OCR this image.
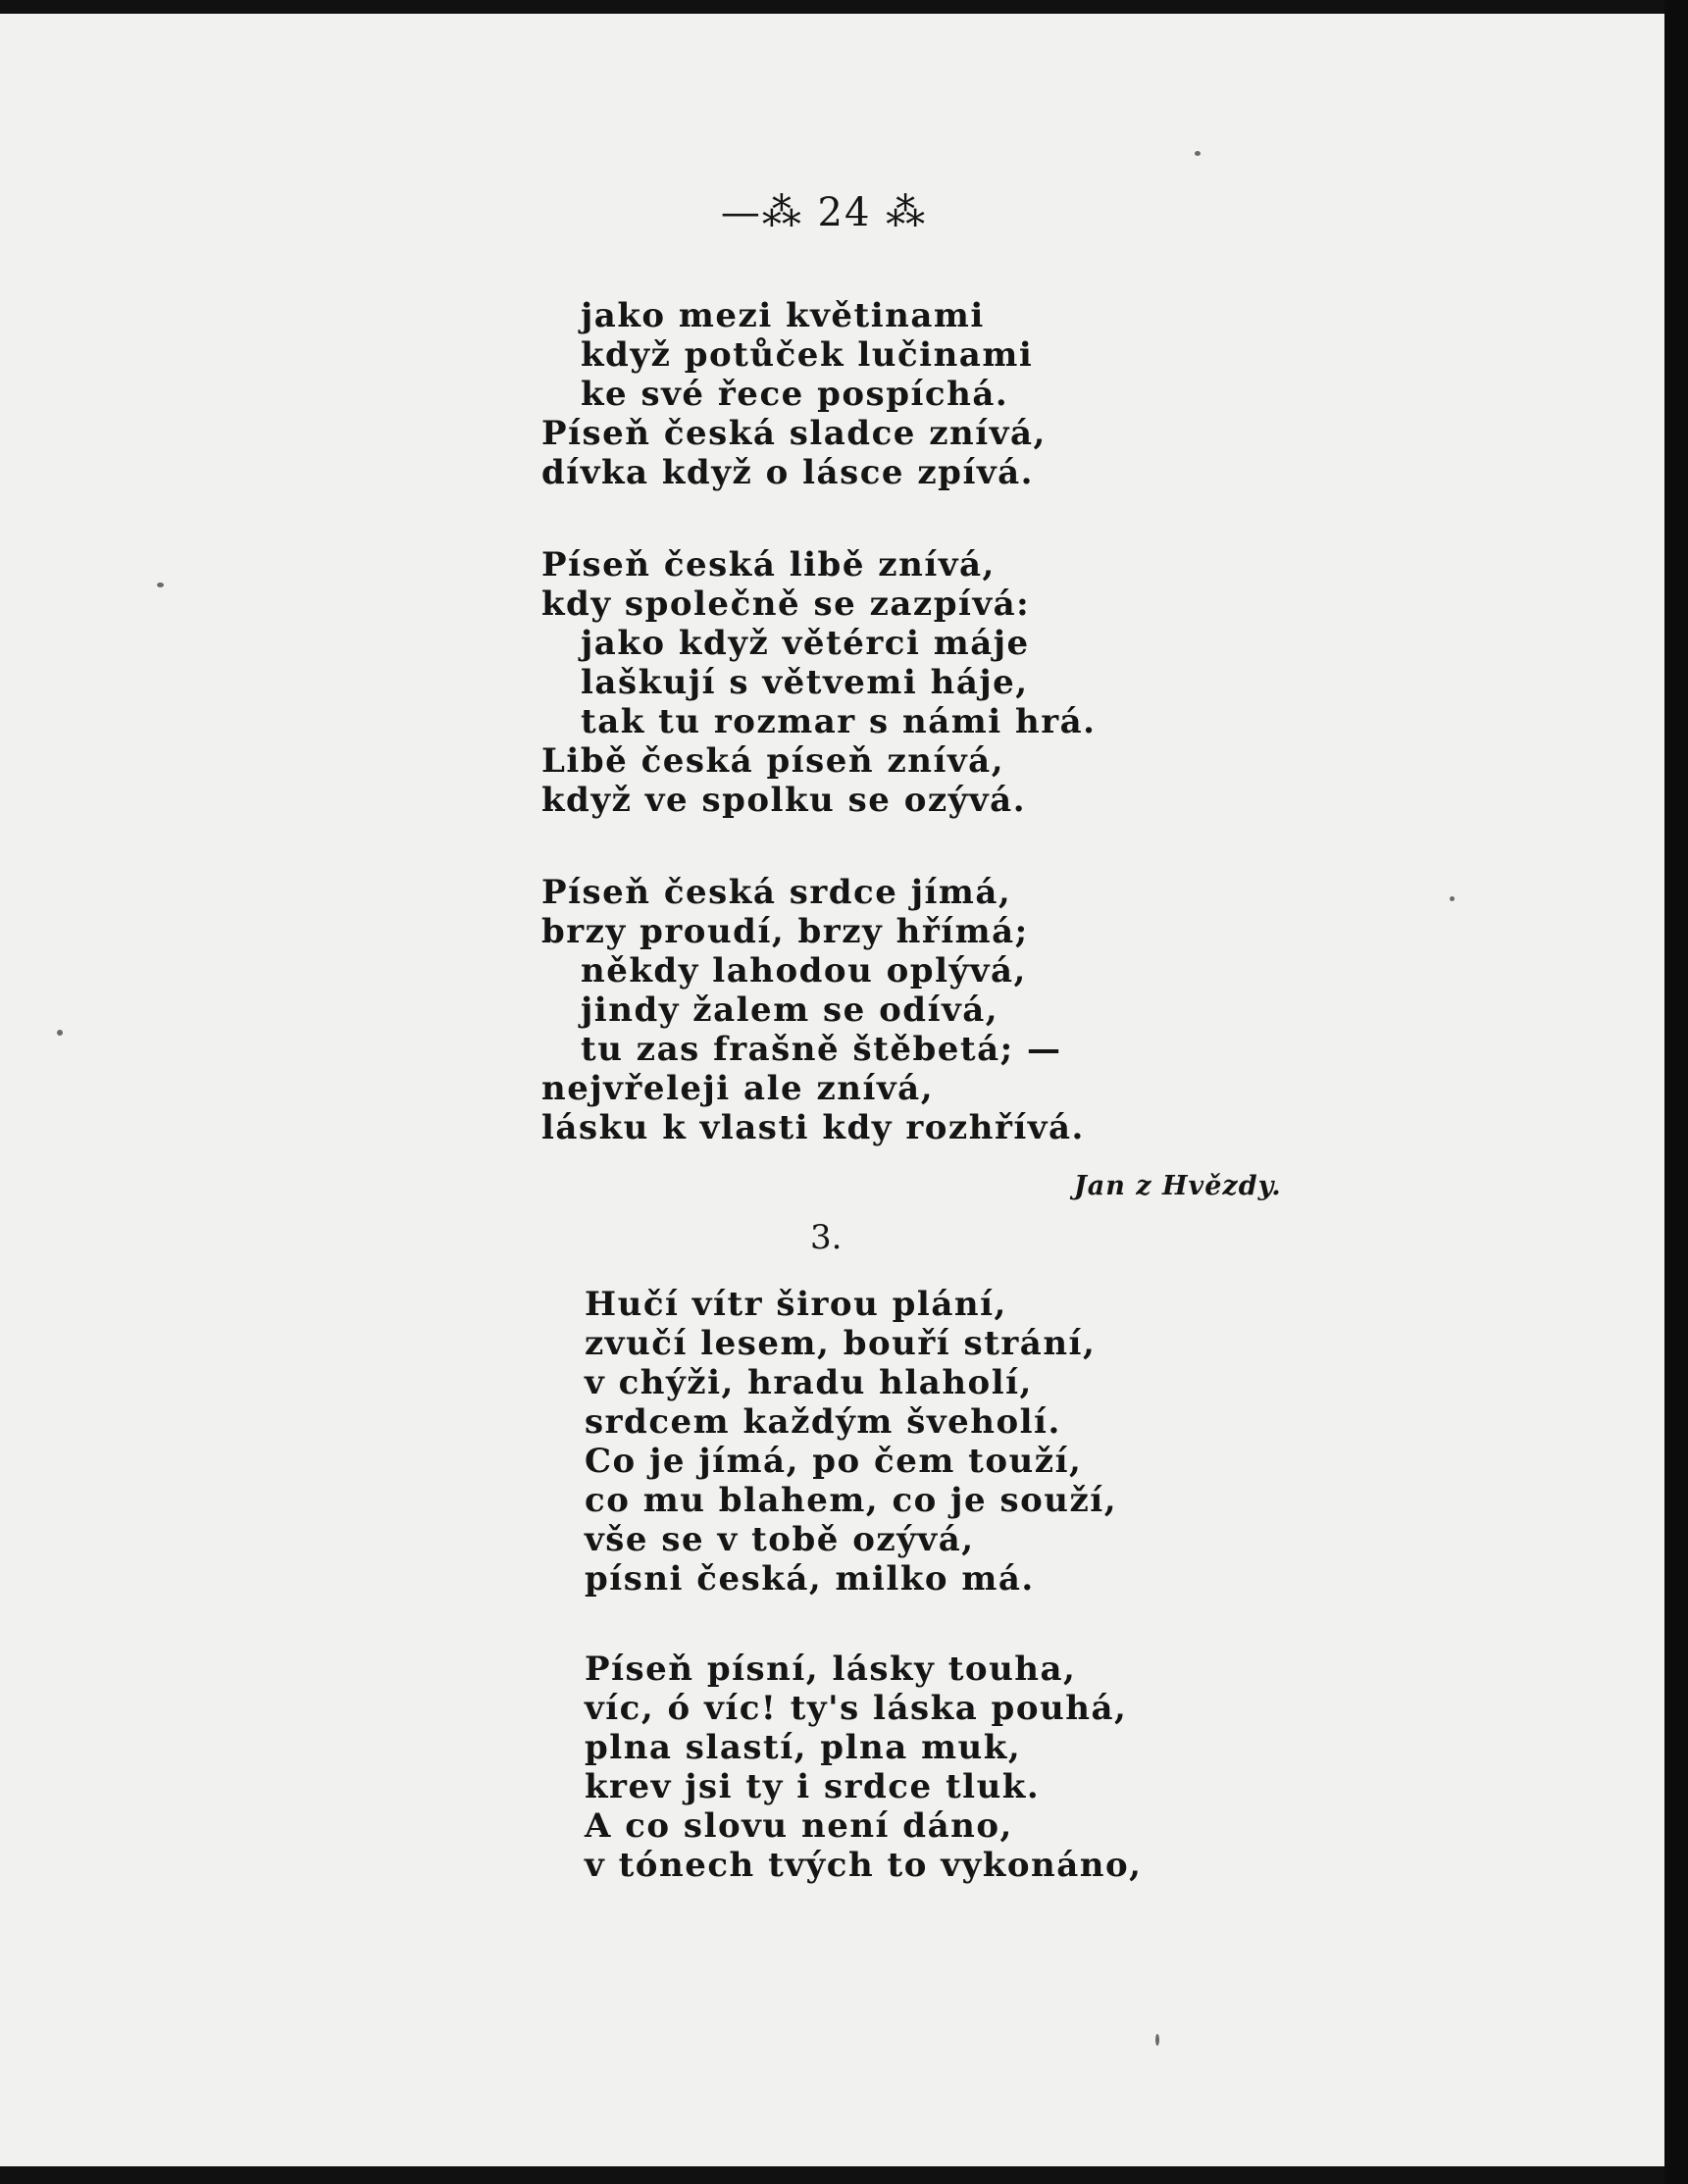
—⁂ 24 ⁂
jako mezi květinami
když potůček lučinami
ke své řece pospíchá.
Píseň česká sladce znívá,
dívka když o lásce zpívá.
Píseň česká libě znívá,
kdy společně se zazpívá:
jako když větérci máje
laškují s větvemi háje,
tak tu rozmar s námi hrá.
Libě česká píseň znívá,
když ve spolku se ozývá.
Píseň česká srdce jímá,
brzy proudí, brzy hřímá;
někdy lahodou oplývá,
jindy žalem se odívá,
tu zas frašně štěbetá; —
nejvřeleji ale znívá,
lásku k vlasti kdy rozhřívá.
Jan z Hvězdy.
3.
Hučí vítr širou plání,
zvučí lesem, bouří strání,
v chýži, hradu hlaholí,
srdcem každým šveholí.
Co je jímá, po čem touží,
co mu blahem, co je souží,
vše se v tobě ozývá,
písni česká, milko má.
Píseň písní, lásky touha,
víc, ó víc! ty's láska pouhá,
plna slastí, plna muk,
krev jsi ty i srdce tluk.
A co slovu není dáno,
v tónech tvých to vykonáno,
